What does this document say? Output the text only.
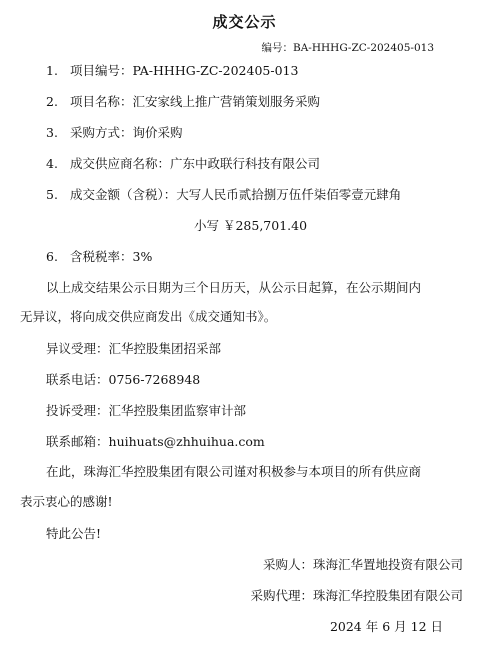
成交公示
编号：BA-HHHG-ZC-202405-013
1. 项目编号：PA-HHHG-ZC-202405-013
2. 项目名称：汇安家线上推广营销策划服务采购
3. 采购方式：询价采购
4. 成交供应商名称：广东中政联行科技有限公司
5. 成交金额（含税）：大写人民币贰拾捌万伍仟柒佰零壹元肆角
小写 ￥285,701.40
6. 含税税率：3%
以上成交结果公示日期为三个日历天，从公示日起算，在公示期间内
无异议，将向成交供应商发出《成交通知书》。
异议受理：汇华控股集团招采部
联系电话：0756-7268948
投诉受理：汇华控股集团监察审计部
联系邮箱：huihuats@zhhuihua.com
在此，珠海汇华控股集团有限公司谨对积极参与本项目的所有供应商
表示衷心的感谢!
特此公告!
采购人：珠海汇华置地投资有限公司
采购代理：珠海汇华控股集团有限公司
2024 年 6 月 12 日
